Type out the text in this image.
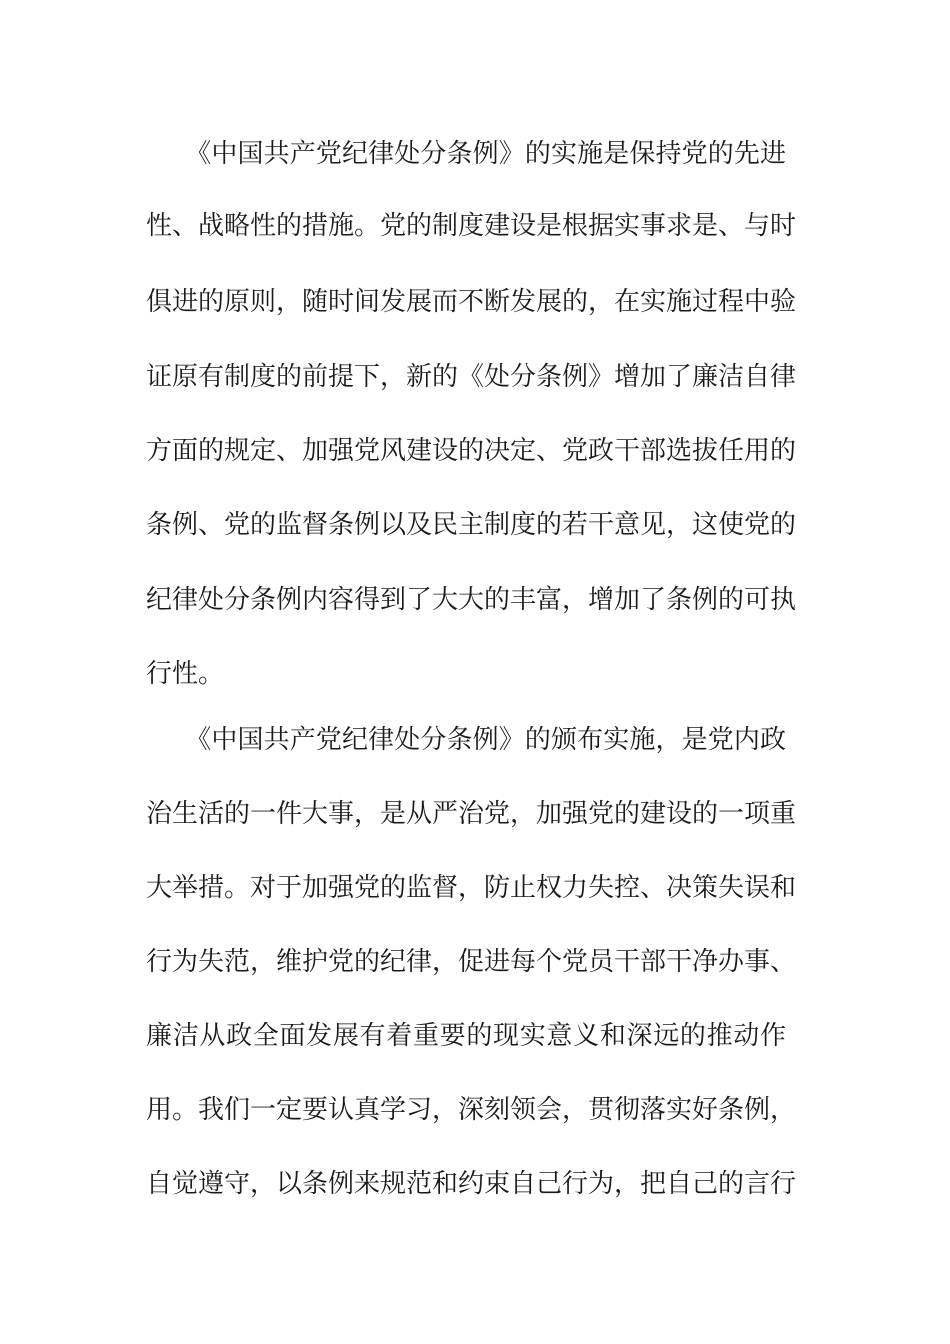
　　《中国共产党纪律处分条例》的实施是保持党的先进
性、战略性的措施。党的制度建设是根据实事求是、与时
俱进的原则，随时间发展而不断发展的，在实施过程中验
证原有制度的前提下，新的《处分条例》增加了廉洁自律
方面的规定、加强党风建设的决定、党政干部选拔任用的
条例、党的监督条例以及民主制度的若干意见，这使党的
纪律处分条例内容得到了大大的丰富，增加了条例的可执
行性。
　　《中国共产党纪律处分条例》的颁布实施，是党内政
治生活的一件大事，是从严治党，加强党的建设的一项重
大举措。对于加强党的监督，防止权力失控、决策失误和
行为失范，维护党的纪律，促进每个党员干部干净办事、
廉洁从政全面发展有着重要的现实意义和深远的推动作
用。我们一定要认真学习，深刻领会，贯彻落实好条例，
自觉遵守，以条例来规范和约束自己行为，把自己的言行
